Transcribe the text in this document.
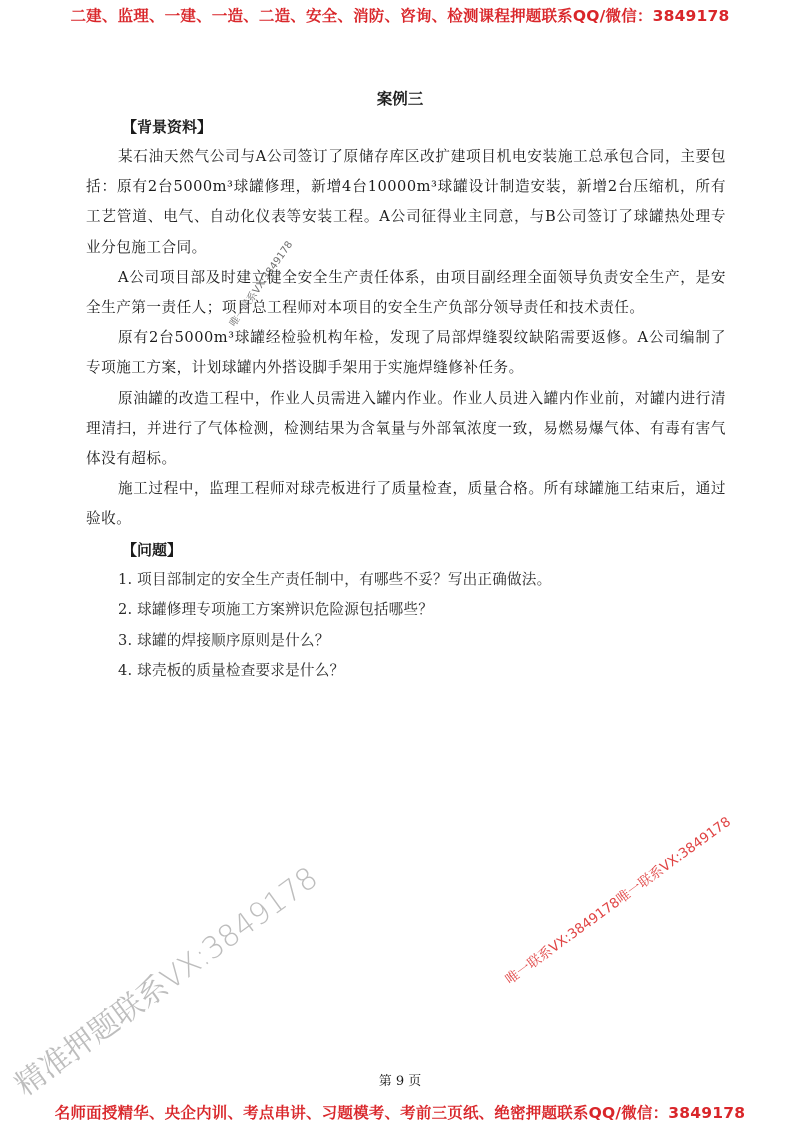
二建、监理、一建、一造、二造、安全、消防、咨询、检测课程押题联系QQ/微信：3849178
案例三
【背景资料】

某石油天然气公司与A公司签订了原储存库区改扩建项目机电安装施工总承包合同，主要包括：原有2台5000m³球罐修理，新增4台10000m³球罐设计制造安装，新增2台压缩机，所有工艺管道、电气、自动化仪表等安装工程。A公司征得业主同意，与B公司签订了球罐热处理专业分包施工合同。

A公司项目部及时建立健全安全生产责任体系，由项目副经理全面领导负责安全生产，是安全生产第一责任人；项目总工程师对本项目的安全生产负部分领导责任和技术责任。

原有2台5000m³球罐经检验机构年检，发现了局部焊缝裂纹缺陷需要返修。A公司编制了专项施工方案，计划球罐内外搭设脚手架用于实施焊缝修补任务。

原油罐的改造工程中，作业人员需进入罐内作业。作业人员进入罐内作业前，对罐内进行清理清扫，并进行了气体检测，检测结果为含氧量与外部氧浓度一致，易燃易爆气体、有毒有害气体没有超标。

施工过程中，监理工程师对球壳板进行了质量检查，质量合格。所有球罐施工结束后，通过验收。

【问题】

1. 项目部制定的安全生产责任制中，有哪些不妥？写出正确做法。

2. 球罐修理专项施工方案辨识危险源包括哪些？

3. 球罐的焊接顺序原则是什么？

4. 球壳板的质量检查要求是什么？

唯一联系VX:3849178
唯一联系VX:3849178唯一联系VX:3849178
精准押题联系VX:3849178	第 9 页
名师面授精华、央企内训、考点串讲、习题模考、考前三页纸、绝密押题联系QQ/微信：3849178
